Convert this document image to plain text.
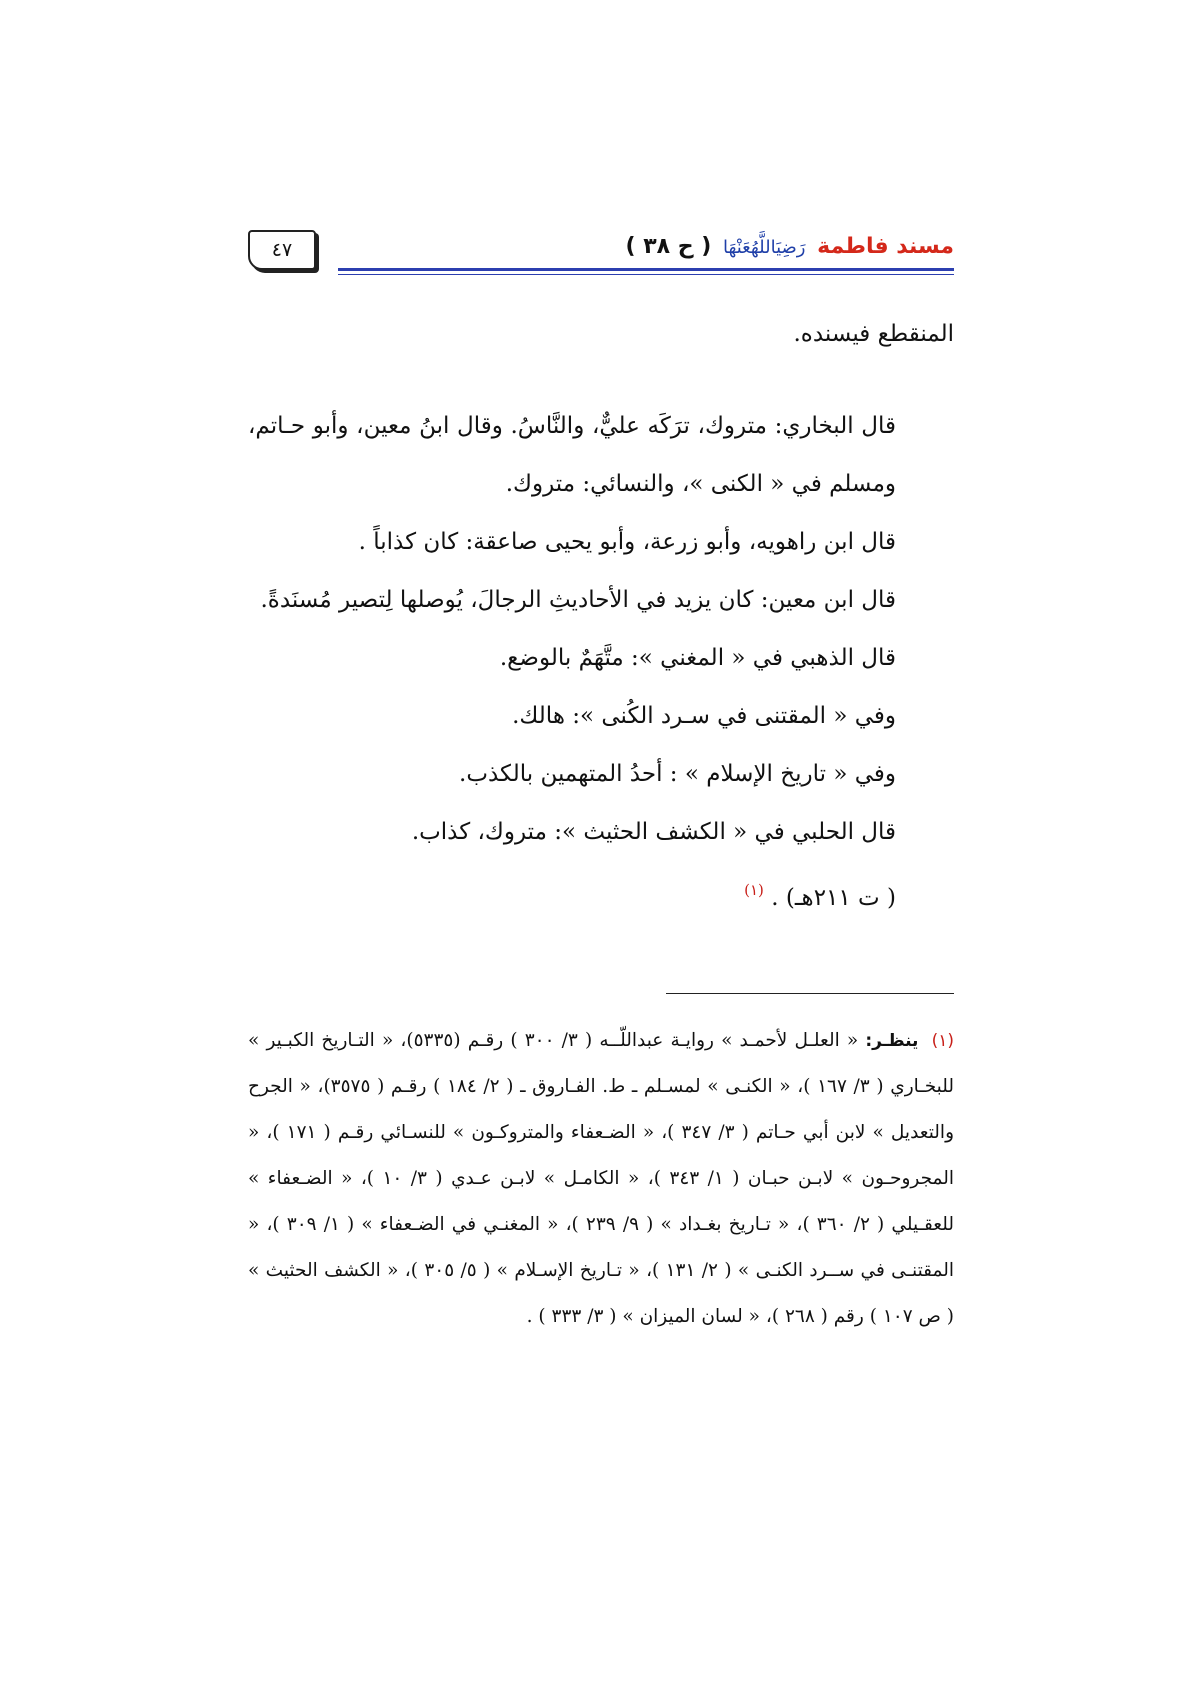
٤٧	مسند فاطمة رَضِيَاللَّهُعَنْهَا ( ح ٣٨ )

المنقطع فيسنده.

قال البخاري: متروك، ترَكَه عليٌّ، والنَّاسُ. وقال ابنُ معين، وأبو حـاتم، ومسلم في « الكنى »، والنسائي: متروك.

قال ابن راهويه، وأبو زرعة، وأبو يحيى صاعقة: كان كذاباً .

قال ابن معين: كان يزيد في الأحاديثِ الرجالَ، يُوصلها لِتصير مُسنَدةً.

قال الذهبي في « المغني »: متَّهَمٌ بالوضع.

وفي « المقتنى في سـرد الكُنى »: هالك.

وفي « تاريخ الإسلام » : أحدُ المتهمين بالكذب.

قال الحلبي في « الكشف الحثيث »: متروك، كذاب.

( ت ٢١١هـ) . $^{(١)}$

(١) ينظـر: « العلـل لأحمـد » روايـة عبداللّــه ( ٣/ ٣٠٠ ) رقـم (٥٣٣٥)، « التـاريخ الكبـير » للبخـاري ( ٣/ ١٦٧ )، « الكنـى » لمسـلم ـ ط. الفـاروق ـ ( ٢/ ١٨٤ ) رقـم ( ٣٥٧٥)، « الجرح والتعديل » لابن أبي حـاتم ( ٣/ ٣٤٧ )، « الضـعفاء والمتروكـون » للنسـائي رقـم ( ١٧١ )، « المجروحـون » لابـن حبـان ( ١/ ٣٤٣ )، « الكامـل » لابـن عـدي ( ٣/ ١٠ )، « الضـعفاء » للعقـيلي ( ٢/ ٣٦٠ )، « تـاريخ بغـداد » ( ٩/ ٢٣٩ )، « المغنـي في الضـعفاء » ( ١/ ٣٠٩ )، « المقتنـى في ســرد الكنـى » ( ٢/ ١٣١ )، « تـاريخ الإسـلام » ( ٥/ ٣٠٥ )، « الكشف الحثيث » ( ص ١٠٧ ) رقم ( ٢٦٨ )، « لسان الميزان » ( ٣/ ٣٣٣ ) .
